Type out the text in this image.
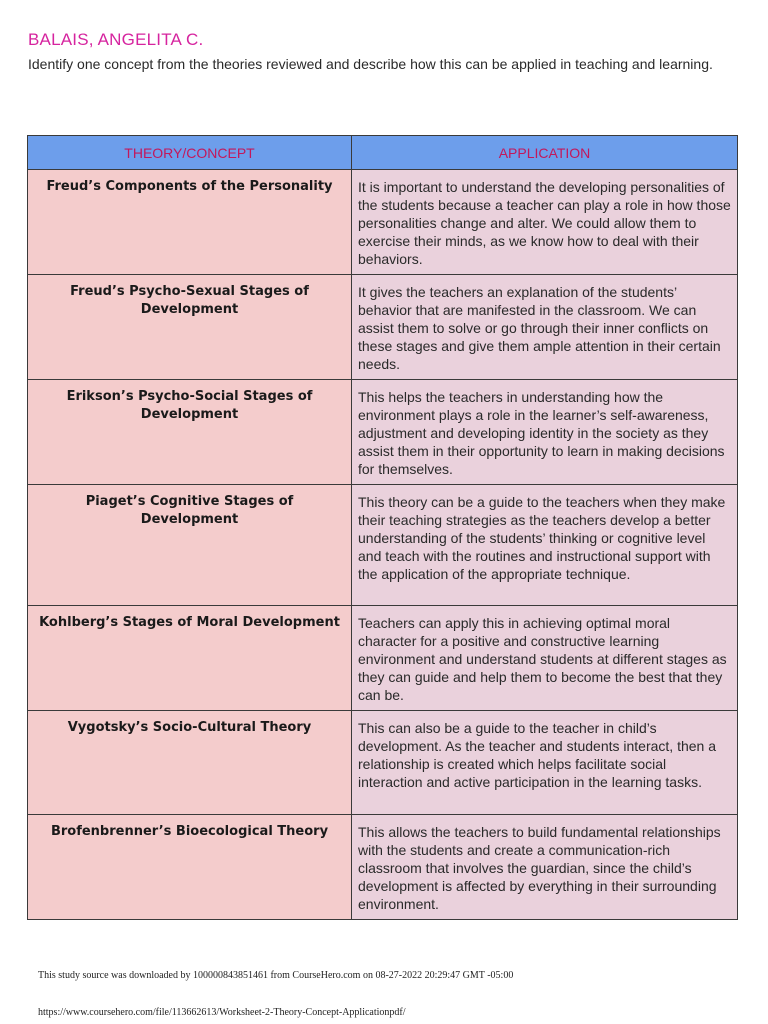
BALAIS, ANGELITA C.
Identify one concept from the theories reviewed and describe how this can be applied in teaching and learning.
THEORY/CONCEPT	APPLICATION
Freud’s Components of the Personality	It is important to understand the developing personalities of the students because a teacher can play a role in how those personalities change and alter. We could allow them to exercise their minds, as we know how to deal with their behaviors.
Freud’s Psycho-Sexual Stages of Development	It gives the teachers an explanation of the students’ behavior that are manifested in the classroom. We can assist them to solve or go through their inner conflicts on these stages and give them ample attention in their certain needs.
Erikson’s Psycho-Social Stages of Development	This helps the teachers in understanding how the environment plays a role in the learner’s self-awareness, adjustment and developing identity in the society as they assist them in their opportunity to learn in making decisions for themselves.
Piaget’s Cognitive Stages of Development	This theory can be a guide to the teachers when they make their teaching strategies as the teachers develop a better understanding of the students’ thinking or cognitive level and teach with the routines and instructional support with the application of the appropriate technique.
Kohlberg’s Stages of Moral Development	Teachers can apply this in achieving optimal moral character for a positive and constructive learning environment and understand students at different stages as they can guide and help them to become the best that they can be.
Vygotsky’s Socio-Cultural Theory	This can also be a guide to the teacher in child’s development. As the teacher and students interact, then a relationship is created which helps facilitate social interaction and active participation in the learning tasks.
Brofenbrenner’s Bioecological Theory	This allows the teachers to build fundamental relationships with the students and create a communication-rich classroom that involves the guardian, since the child’s development is affected by everything in their surrounding environment.
This study source was downloaded by 100000843851461 from CourseHero.com on 08-27-2022 20:29:47 GMT -05:00
https://www.coursehero.com/file/113662613/Worksheet-2-Theory-Concept-Applicationpdf/
